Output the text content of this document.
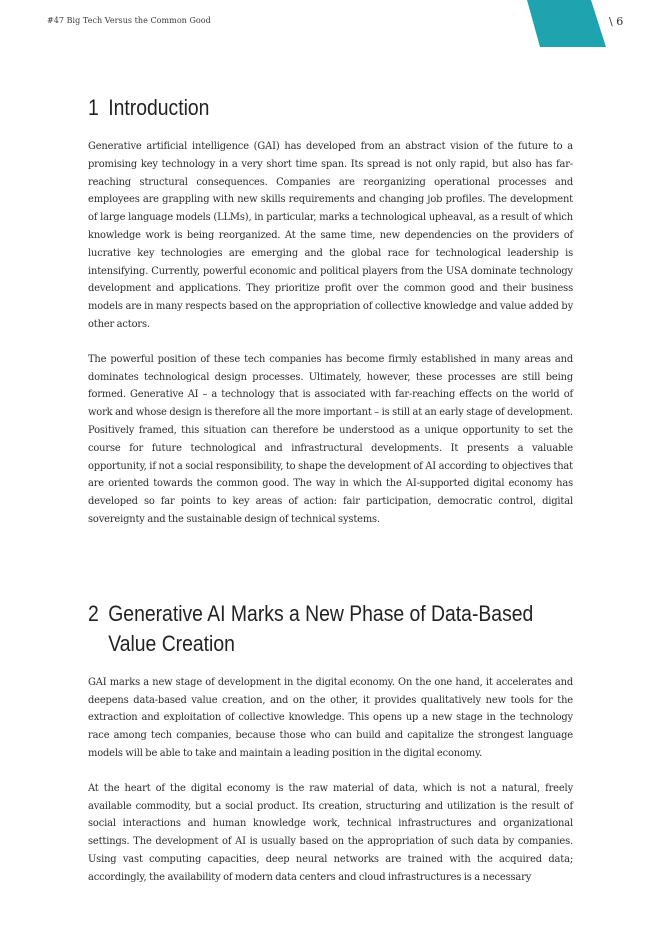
#47 Big Tech Versus the Common Good	\ 6
1 Introduction

Generative artificial intelligence (GAI) has developed from an abstract vision of the future to a promising key technology in a very short time span. Its spread is not only rapid, but also has far-reaching structural consequences. Companies are reorganizing operational processes and employees are grappling with new skills requirements and changing job profiles. The development of large language models (LLMs), in particular, marks a technological upheaval, as a result of which knowledge work is being reorganized. At the same time, new dependencies on the providers of lucrative key technologies are emerging and the global race for technological leadership is intensifying. Currently, powerful economic and political players from the USA dominate technology development and applications. They prioritize profit over the common good and their business models are in many respects based on the appropriation of collective knowledge and value added by other actors.

The powerful position of these tech companies has become firmly established in many areas and dominates technological design processes. Ultimately, however, these processes are still being formed. Generative AI – a technology that is associated with far-reaching effects on the world of work and whose design is therefore all the more important – is still at an early stage of development. Positively framed, this situation can therefore be understood as a unique opportunity to set the course for future technological and infrastructural developments. It presents a valuable opportunity, if not a social responsibility, to shape the development of AI according to objectives that are oriented towards the common good. The way in which the AI-supported digital economy has developed so far points to key areas of action: fair participation, democratic control, digital sovereignty and the sustainable design of technical systems.

2 Generative AI Marks a New Phase of Data-Based Value Creation

GAI marks a new stage of development in the digital economy. On the one hand, it accelerates and deepens data-based value creation, and on the other, it provides qualitatively new tools for the extraction and exploitation of collective knowledge. This opens up a new stage in the technology race among tech companies, because those who can build and capitalize the strongest language models will be able to take and maintain a leading position in the digital economy.

At the heart of the digital economy is the raw material of data, which is not a natural, freely available commodity, but a social product. Its creation, structuring and utilization is the result of social interactions and human knowledge work, technical infrastructures and organizational settings. The development of AI is usually based on the appropriation of such data by companies. Using vast computing capacities, deep neural networks are trained with the acquired data; accordingly, the availability of modern data centers and cloud infrastructures is a necessary
